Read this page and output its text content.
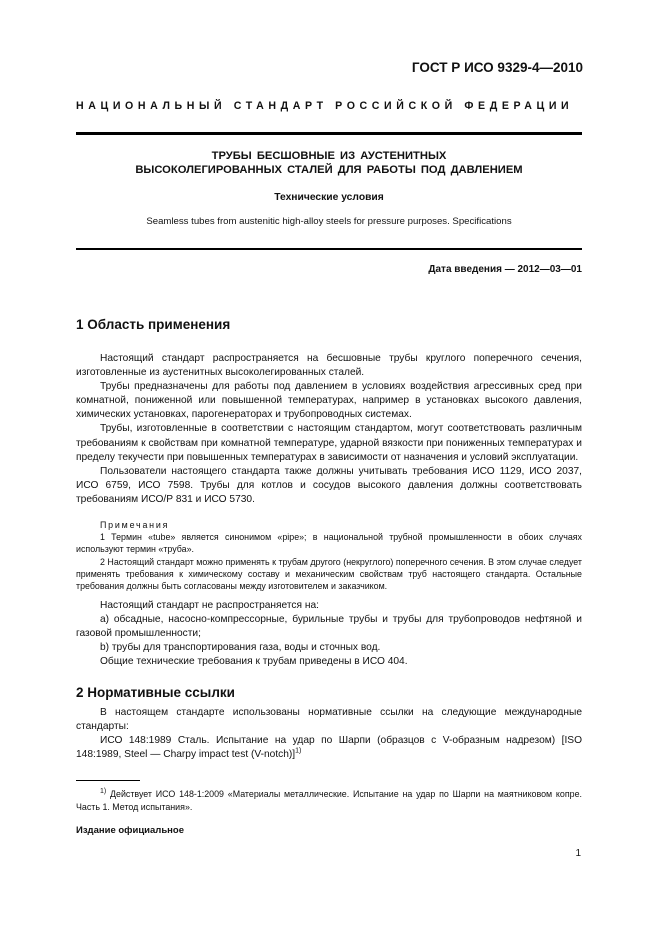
ГОСТ Р ИСО 9329-4—2010
НАЦИОНАЛЬНЫЙ СТАНДАРТ РОССИЙСКОЙ ФЕДЕРАЦИИ
ТРУБЫ БЕСШОВНЫЕ ИЗ АУСТЕНИТНЫХ
ВЫСОКОЛЕГИРОВАННЫХ СТАЛЕЙ ДЛЯ РАБОТЫ ПОД ДАВЛЕНИЕМ
Технические условия
Seamless tubes from austenitic high-alloy steels for pressure purposes. Specifications
Дата введения — 2012—03—01
1 Область применения

Настоящий стандарт распространяется на бесшовные трубы круглого поперечного сечения, изготовленные из аустенитных высоколегированных сталей.

Трубы предназначены для работы под давлением в условиях воздействия агрессивных сред при комнатной, пониженной или повышенной температурах, например в установках высокого давления, химических установках, парогенераторах и трубопроводных системах.

Трубы, изготовленные в соответствии с настоящим стандартом, могут соответствовать различным требованиям к свойствам при комнатной температуре, ударной вязкости при пониженных температурах и пределу текучести при повышенных температурах в зависимости от назначения и условий эксплуатации.

Пользователи настоящего стандарта также должны учитывать требования ИСО 1129, ИСО 2037, ИСО 6759, ИСО 7598. Трубы для котлов и сосудов высокого давления должны соответствовать требованиям ИСО/Р 831 и ИСО 5730.

Примечания

1 Термин «tube» является синонимом «pipe»; в национальной трубной промышленности в обоих случаях используют термин «труба».

2 Настоящий стандарт можно применять к трубам другого (некруглого) поперечного сечения. В этом случае следует применять требования к химическому составу и механическим свойствам труб настоящего стандарта. Остальные требования должны быть согласованы между изготовителем и заказчиком.

Настоящий стандарт не распространяется на:

a) обсадные, насосно-компрессорные, бурильные трубы и трубы для трубопроводов нефтяной и газовой промышленности;

b) трубы для транспортирования газа, воды и сточных вод.

Общие технические требования к трубам приведены в ИСО 404.

2 Нормативные ссылки

В настоящем стандарте использованы нормативные ссылки на следующие международные стандарты:

ИСО 148:1989 Сталь. Испытание на удар по Шарпи (образцов с V-образным надрезом) [ISO 148:1989, Steel — Charpy impact test (V-notch)]$^{1)}$

$^{1)}$ Действует ИСО 148-1:2009 «Материалы металлические. Испытание на удар по Шарпи на маятниковом копре. Часть 1. Метод испытания».
Издание официальное
1
